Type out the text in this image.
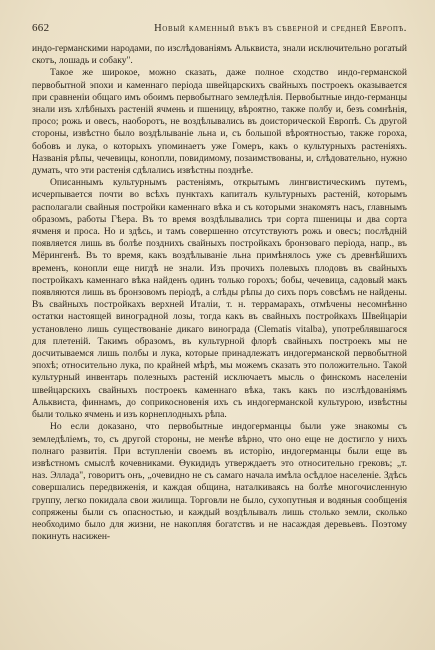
662	Новый каменный вѣкъ въ сѣверной и средней Европѣ.

индо-германскими народами, по изслѣдованіямъ Альквиста, знали исключительно рогатый скотъ, лошадь и собаку".

Такое же широкое, можно сказать, даже полное сходство индо-германской первобытной эпохи и каменнаго періода швейцарскихъ свайныхъ построекъ оказывается при сравненіи общаго имъ обоимъ первобытнаго земледѣлія. Первобытные индо-германцы знали изъ хлѣбныхъ растеній ячмень и пшеницу, вѣроятно, также полбу и, безъ сомнѣнія, просо; рожь и овесъ, наоборотъ, не воздѣлывались въ доисторической Европѣ. Съ другой стороны, извѣстно было воздѣлываніе льна и, съ большой вѣроятностью, также гороха, бобовъ и лука, о которыхъ упоминаетъ уже Гомеръ, какъ о культурныхъ растеніяхъ. Названія рѣпы, чечевицы, конопли, повидимому, позаимствованы, и, слѣдовательно, нужно думать, что эти растенія сдѣлались извѣстны позднѣе.

Описаннымъ культурнымъ растеніямъ, открытымъ лингвистическимъ путемъ, исчерпывается почти во всѣхъ пунктахъ капиталъ культурныхъ растеній, которымъ располагали свайныя постройки каменнаго вѣка и съ которыми знакомятъ насъ, главнымъ образомъ, работы Гѣера. Въ то время воздѣлывались три сорта пшеницы и два сорта ячменя и проса. Но и здѣсь, и тамъ совершенно отсутствуютъ рожь и овесъ; послѣдній появляется лишь въ болѣе позднихъ свайныхъ постройкахъ бронзоваго періода, напр., въ Мёрингенѣ. Въ то время, какъ воздѣлываніе льна примѣнялось уже съ древнѣйшихъ временъ, конопли еще нигдѣ не знали. Изъ прочихъ полевыхъ плодовъ въ свайныхъ постройкахъ каменнаго вѣка найденъ одинъ только горохъ; бобы, чечевица, садовый макъ появляются лишь въ бронзовомъ періодѣ, а слѣды рѣпы до сихъ поръ совсѣмъ не найдены. Въ свайныхъ постройкахъ верхней Италіи, т. н. террамарахъ, отмѣчены несомнѣнно остатки настоящей виноградной лозы, тогда какъ въ свайныхъ постройкахъ Швейцаріи установлено лишь существованіе дикаго винограда (Clematis vitalba), употреблявшагося для плетеній. Такимъ образомъ, въ культурной флорѣ свайныхъ построекъ мы не досчитываемся лишь полбы и лука, которые принадлежатъ индогерманской первобытной эпохѣ; относительно лука, по крайней мѣрѣ, мы можемъ сказать это положительно. Такой культурный инвентарь полезныхъ растеній исключаетъ мысль о финскомъ населеніи швейцарскихъ свайныхъ построекъ каменнаго вѣка, такъ какъ по изслѣдованіямъ Альквиста, финнамъ, до соприкосновенія ихъ съ индогерманской культурою, извѣстны были только ячмень и изъ корнеплодныхъ рѣпа.

Но если доказано, что первобытные индогерманцы были уже знакомы съ земледѣліемъ, то, съ другой стороны, не менѣе вѣрно, что оно еще не достигло у нихъ полнаго развитія. При вступленіи своемъ въ исторію, индогерманцы были еще въ извѣстномъ смыслѣ кочевниками. Өукидидъ утверждаетъ это относительно грековъ; „т. наз. Эллада", говоритъ онъ, „очевидно не съ самаго начала имѣла осѣдлое населеніе. Здѣсь совершались передвиженія, и каждая община, наталкиваясь на болѣе многочисленную группу, легко покидала свои жилища. Торговли не было, сухопутныя и водяныя сообщенія сопряжены были съ опасностью, и каждый воздѣлывалъ лишь столько земли, сколько необходимо было для жизни, не накопляя богатствъ и не насаждая деревьевъ. Поэтому покинуть насижен-
